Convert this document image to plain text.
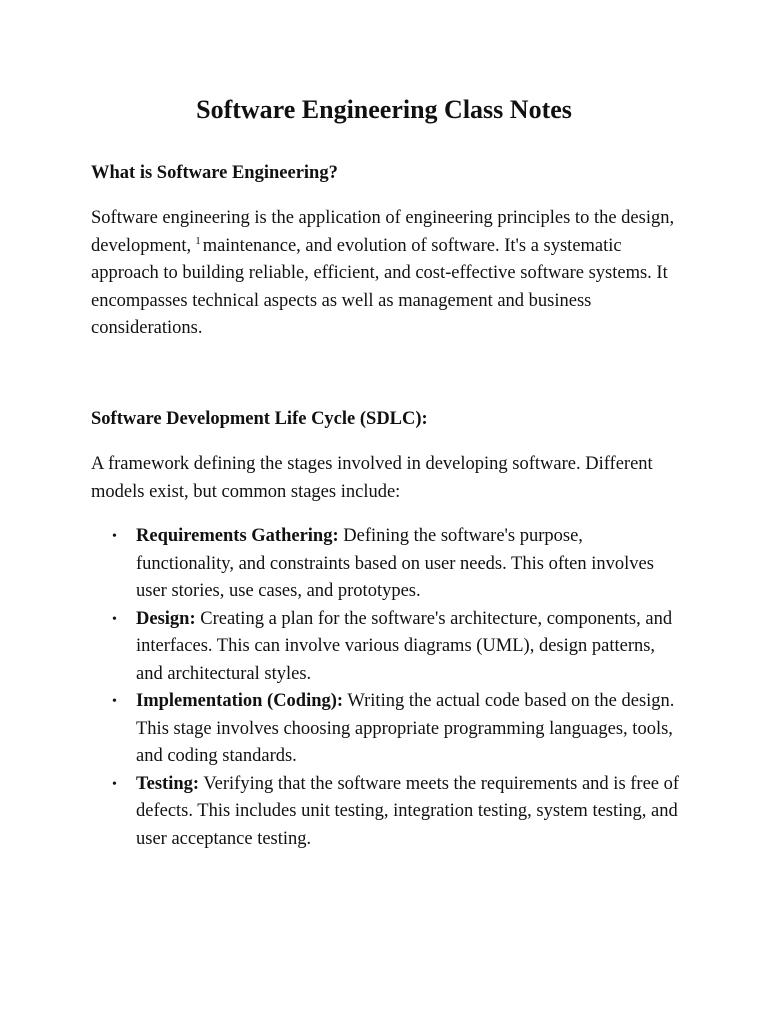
Software Engineering Class Notes
What is Software Engineering?

Software engineering is the application of engineering principles to the design, development, $^1$ maintenance, and evolution of software. It's a systematic approach to building reliable, efficient, and cost-effective software systems. It encompasses technical aspects as well as management and business considerations.

Software Development Life Cycle (SDLC):

A framework defining the stages involved in developing software. Different models exist, but common stages include:

• Requirements Gathering: Defining the software's purpose, functionality, and constraints based on user needs. This often involves user stories, use cases, and prototypes.
• Design: Creating a plan for the software's architecture, components, and interfaces. This can involve various diagrams (UML), design patterns, and architectural styles.
• Implementation (Coding): Writing the actual code based on the design. This stage involves choosing appropriate programming languages, tools, and coding standards.
• Testing: Verifying that the software meets the requirements and is free of defects. This includes unit testing, integration testing, system testing, and user acceptance testing.
